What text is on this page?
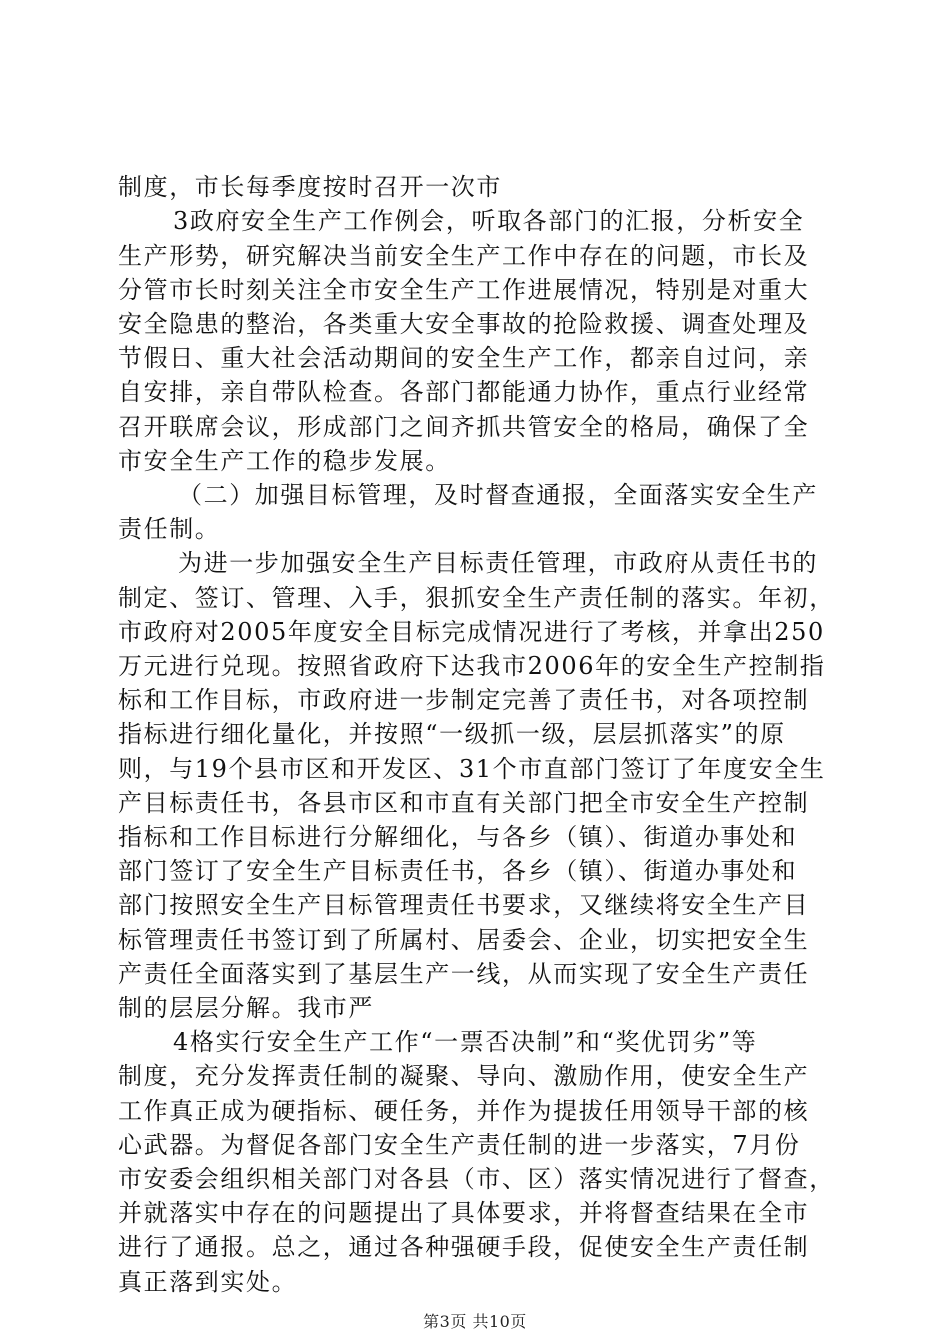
制度，市长每季度按时召开一次市
3政府安全生产工作例会，听取各部门的汇报，分析安全
生产形势，研究解决当前安全生产工作中存在的问题，市长及
分管市长时刻关注全市安全生产工作进展情况，特别是对重大
安全隐患的整治，各类重大安全事故的抢险救援、调查处理及
节假日、重大社会活动期间的安全生产工作，都亲自过问，亲
自安排，亲自带队检查。各部门都能通力协作，重点行业经常
召开联席会议，形成部门之间齐抓共管安全的格局，确保了全
市安全生产工作的稳步发展。
（二）加强目标管理，及时督查通报，全面落实安全生产
责任制。
为进一步加强安全生产目标责任管理，市政府从责任书的
制定、签订、管理、入手，狠抓安全生产责任制的落实。年初，
市政府对2005年度安全目标完成情况进行了考核，并拿出250
万元进行兑现。按照省政府下达我市2006年的安全生产控制指
标和工作目标，市政府进一步制定完善了责任书，对各项控制
指标进行细化量化，并按照“一级抓一级，层层抓落实”的原
则，与19个县市区和开发区、31个市直部门签订了年度安全生
产目标责任书，各县市区和市直有关部门把全市安全生产控制
指标和工作目标进行分解细化，与各乡（镇）、街道办事处和
部门签订了安全生产目标责任书，各乡（镇）、街道办事处和
部门按照安全生产目标管理责任书要求，又继续将安全生产目
标管理责任书签订到了所属村、居委会、企业，切实把安全生
产责任全面落实到了基层生产一线，从而实现了安全生产责任
制的层层分解。我市严
4格实行安全生产工作“一票否决制”和“奖优罚劣”等
制度，充分发挥责任制的凝聚、导向、激励作用，使安全生产
工作真正成为硬指标、硬任务，并作为提拔任用领导干部的核
心武器。为督促各部门安全生产责任制的进一步落实，7月份
市安委会组织相关部门对各县（市、区）落实情况进行了督查，
并就落实中存在的问题提出了具体要求，并将督查结果在全市
进行了通报。总之，通过各种强硬手段，促使安全生产责任制
真正落到实处。
第3页 共10页
